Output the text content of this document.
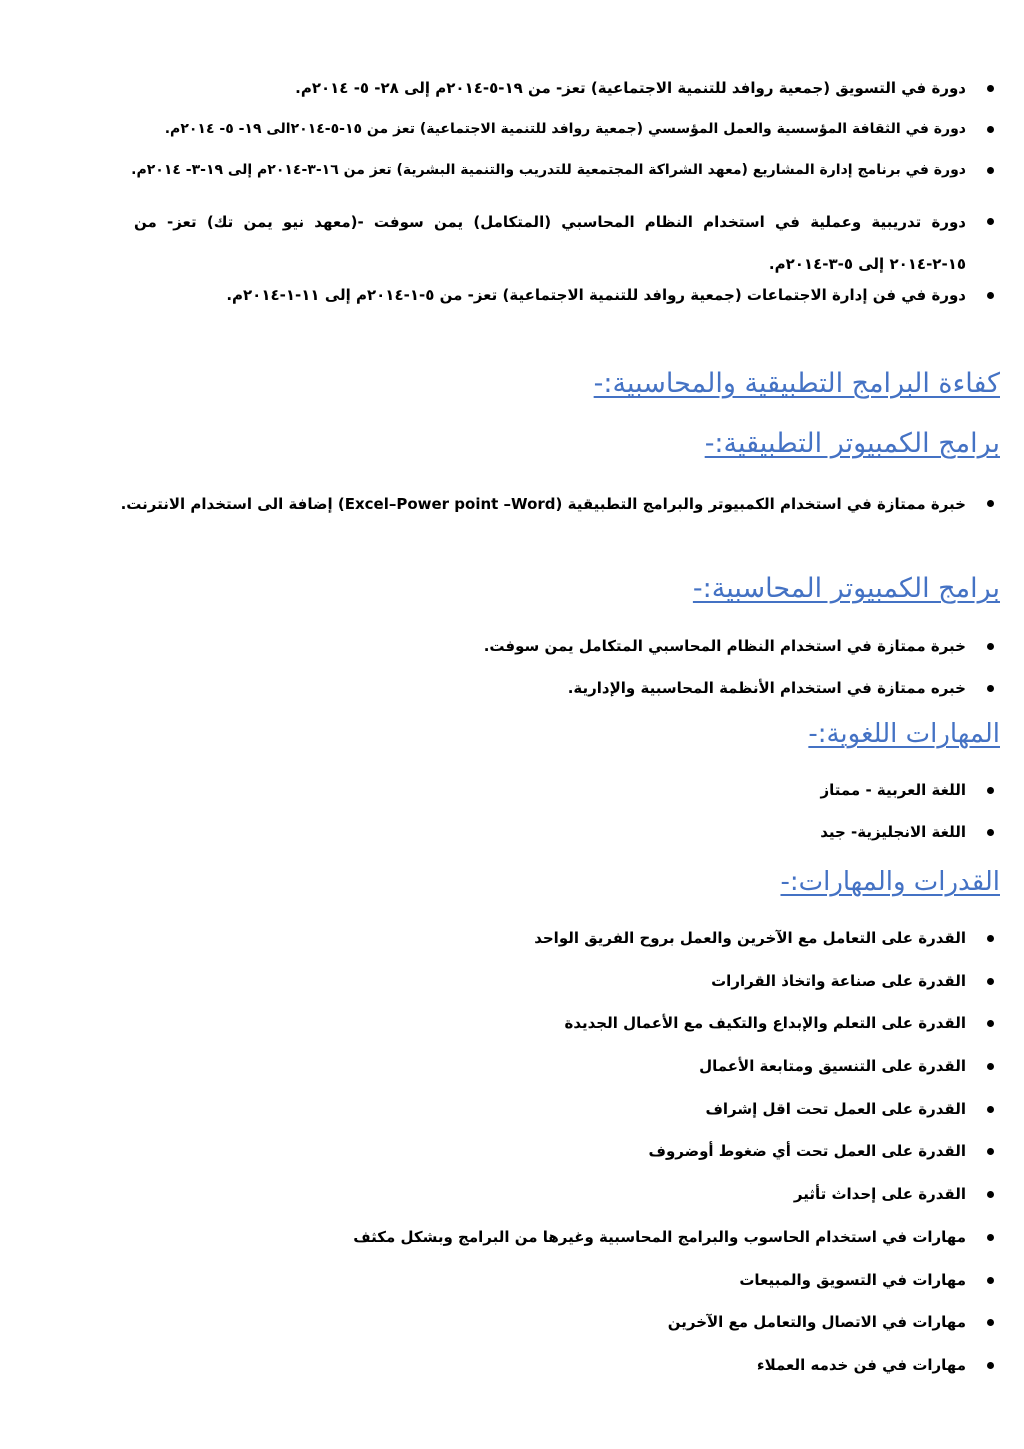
دورة في التسويق (جمعية روافد للتنمية الاجتماعية) تعز- من ١٩-٥-٢٠١٤م إلى ٢٨- ٥- ٢٠١٤م.
دورة في الثقافة المؤسسية والعمل المؤسسي (جمعية روافد للتنمية الاجتماعية) تعز من ١٥-٥-٢٠١٤الى ١٩- ٥- ٢٠١٤م.
دورة في برنامج إدارة المشاريع (معهد الشراكة المجتمعية للتدريب والتنمية البشرية) تعز من ١٦-٣-٢٠١٤م إلى ١٩-٣- ٢٠١٤م.
دورة تدريبية وعملية في استخدام النظام المحاسبي (المتكامل) يمن سوفت -(معهد نيو يمن تك) تعز- من ١٥-٢-٢٠١٤ إلى ٥-٣-٢٠١٤م.
دورة في فن إدارة الاجتماعات (جمعية روافد للتنمية الاجتماعية) تعز- من ٥-١-٢٠١٤م إلى ١١-١-٢٠١٤م.
كفاءة البرامج التطبيقية والمحاسبية:-
برامج الكمبيوتر التطبيقية:-
خبرة ممتازة في استخدام الكمبيوتر والبرامج التطبيقية (Excel–Power point –Word) إضافة الى استخدام الانترنت.
برامج الكمبيوتر المحاسبية:-
خبرة ممتازة في استخدام النظام المحاسبي المتكامل يمن سوفت.
خبره ممتازة في استخدام الأنظمة المحاسبية والإدارية.
المهارات اللغوية:-
اللغة العربية - ممتاز
اللغة الانجليزية- جيد
القدرات والمهارات:-
القدرة على التعامل مع الآخرين والعمل بروح الفريق الواحد
القدرة على صناعة واتخاذ القرارات
القدرة على التعلم والإبداع والتكيف مع الأعمال الجديدة
القدرة على التنسيق ومتابعة الأعمال
القدرة على العمل تحت اقل إشراف
القدرة على العمل تحت أي ضغوط أوضروف
القدرة على إحداث تأثير
مهارات في استخدام الحاسوب والبرامج المحاسبية وغيرها من البرامج وبشكل مكثف
مهارات في التسويق والمبيعات
مهارات في الاتصال والتعامل مع الآخرين
مهارات في فن خدمه العملاء
